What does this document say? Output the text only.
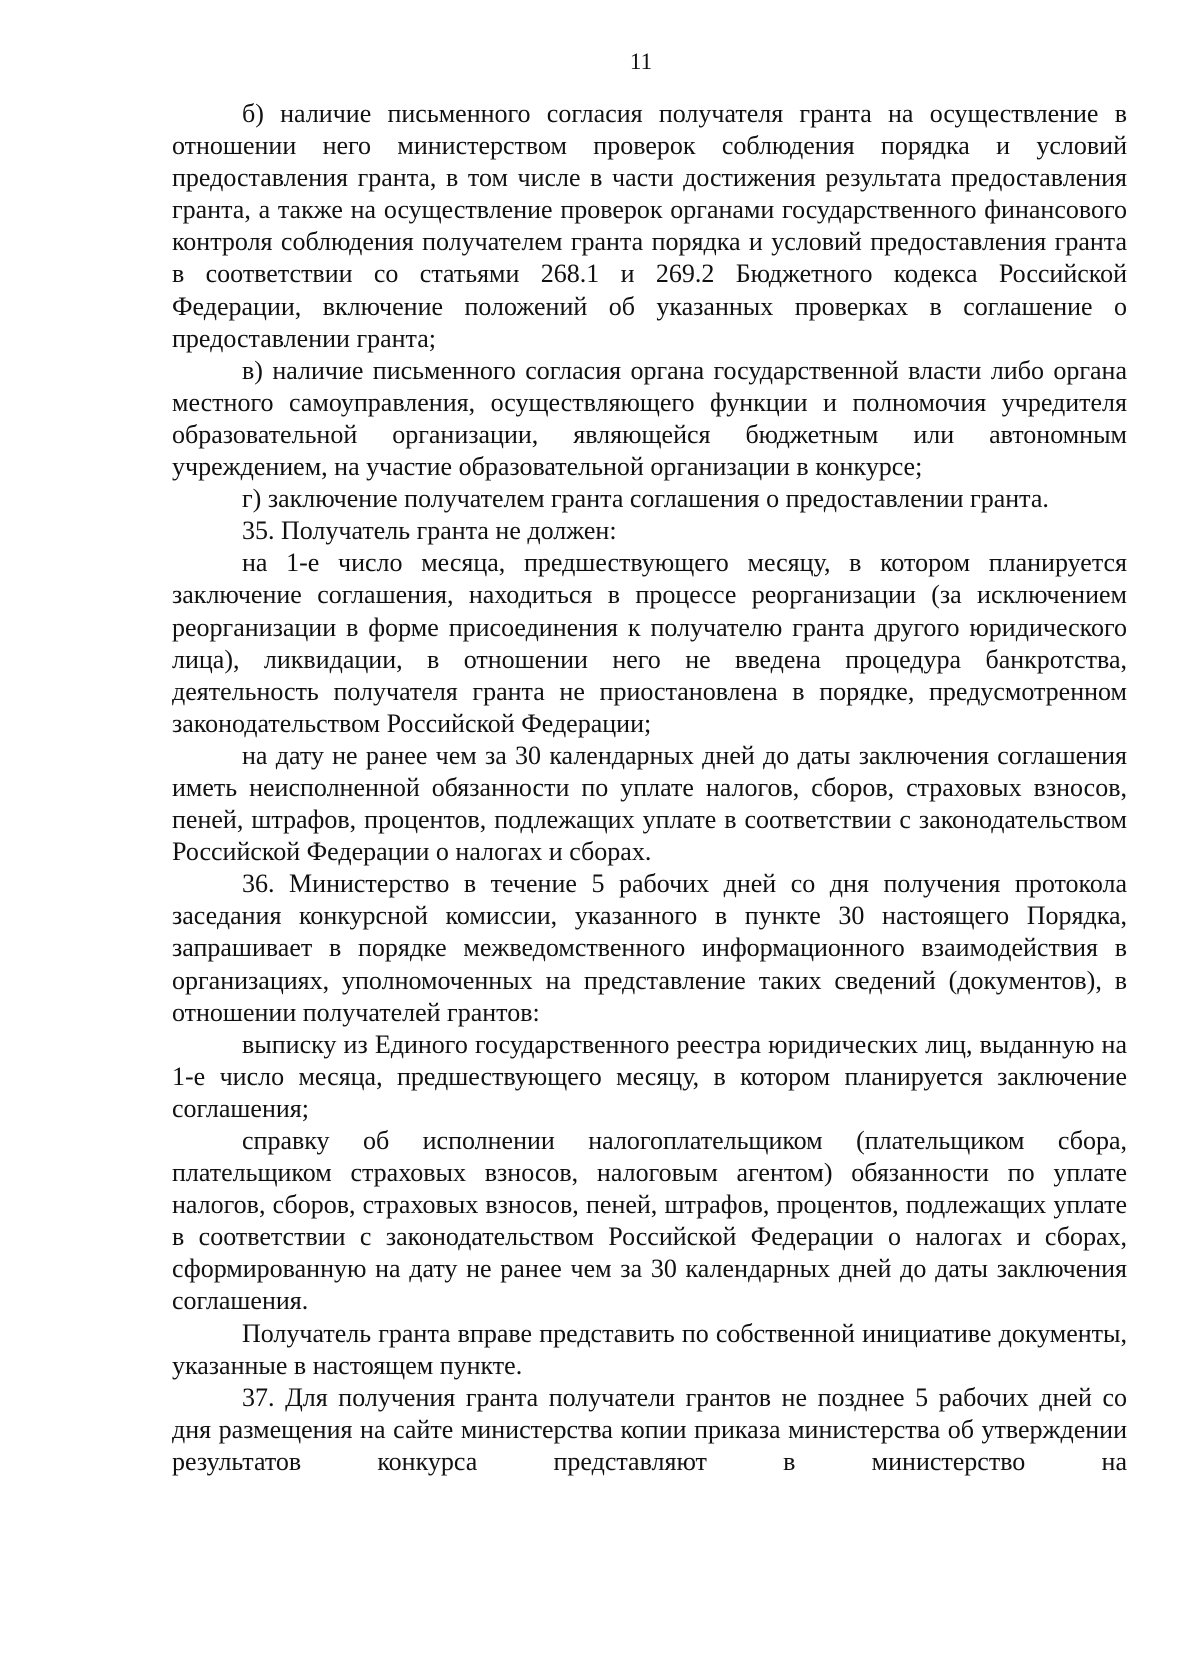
11

б) наличие письменного согласия получателя гранта на осуществление в отношении него министерством проверок соблюдения порядка и условий предоставления гранта, в том числе в части достижения результата предоставления гранта, а также на осуществление проверок органами государственного финансового контроля соблюдения получателем гранта порядка и условий предоставления гранта в соответствии со статьями 268.1 и 269.2 Бюджетного кодекса Российской Федерации, включение положений об указанных проверках в соглашение о предоставлении гранта;

в) наличие письменного согласия органа государственной власти либо органа местного самоуправления, осуществляющего функции и полномочия учредителя образовательной организации, являющейся бюджетным или автономным учреждением, на участие образовательной организации в конкурсе;

г) заключение получателем гранта соглашения о предоставлении гранта.

35. Получатель гранта не должен:

на 1-е число месяца, предшествующего месяцу, в котором планируется заключение соглашения, находиться в процессе реорганизации (за исключением реорганизации в форме присоединения к получателю гранта другого юридического лица), ликвидации, в отношении него не введена процедура банкротства, деятельность получателя гранта не приостановлена в порядке, предусмотренном законодательством Российской Федерации;

на дату не ранее чем за 30 календарных дней до даты заключения соглашения иметь неисполненной обязанности по уплате налогов, сборов, страховых взносов, пеней, штрафов, процентов, подлежащих уплате в соответствии с законодательством Российской Федерации о налогах и сборах.

36. Министерство в течение 5 рабочих дней со дня получения протокола заседания конкурсной комиссии, указанного в пункте 30 настоящего Порядка, запрашивает в порядке межведомственного информационного взаимодействия в организациях, уполномоченных на представление таких сведений (документов), в отношении получателей грантов:

выписку из Единого государственного реестра юридических лиц, выданную на 1-е число месяца, предшествующего месяцу, в котором планируется заключение соглашения;

справку об исполнении налогоплательщиком (плательщиком сбора, плательщиком страховых взносов, налоговым агентом) обязанности по уплате налогов, сборов, страховых взносов, пеней, штрафов, процентов, подлежащих уплате в соответствии с законодательством Российской Федерации о налогах и сборах, сформированную на дату не ранее чем за 30 календарных дней до даты заключения соглашения.

Получатель гранта вправе представить по собственной инициативе документы, указанные в настоящем пункте.

37. Для получения гранта получатели грантов не позднее 5 рабочих дней со дня размещения на сайте министерства копии приказа министерства об утверждении результатов конкурса представляют в министерство на
